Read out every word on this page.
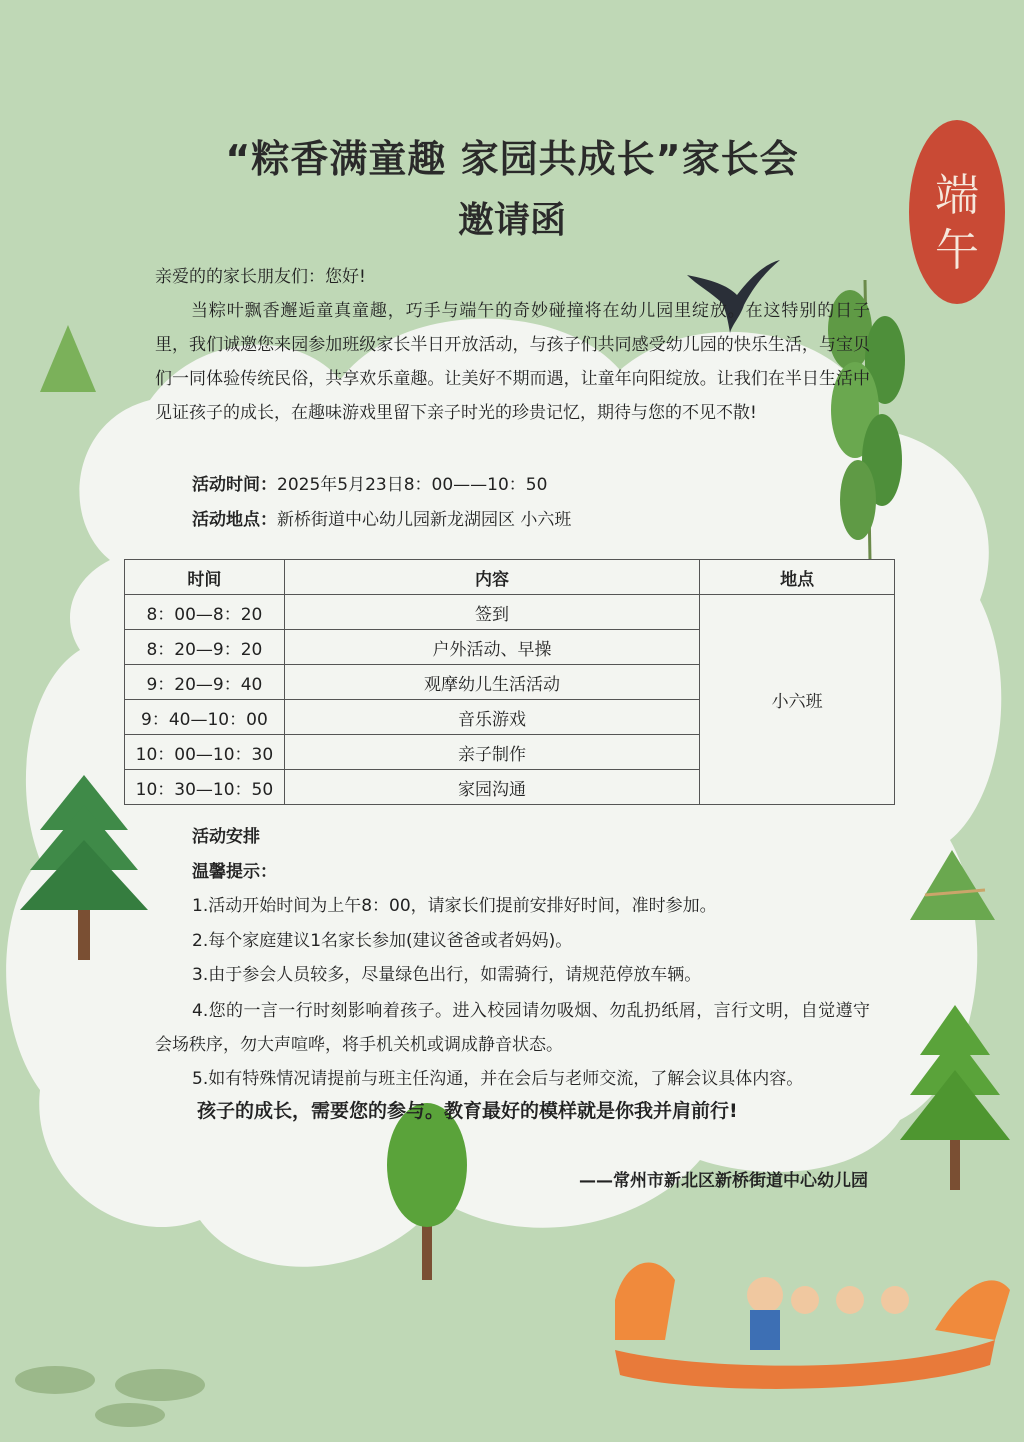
端
午
“粽香满童趣 家园共成长”家长会
邀请函
亲爱的的家长朋友们：您好!
当粽叶飘香邂逅童真童趣，巧手与端午的奇妙碰撞将在幼儿园里绽放。在这特别的日子里，我们诚邀您来园参加班级家长半日开放活动，与孩子们共同感受幼儿园的快乐生活，与宝贝们一同体验传统民俗，共享欢乐童趣。让美好不期而遇，让童年向阳绽放。让我们在半日生活中见证孩子的成长，在趣味游戏里留下亲子时光的珍贵记忆，期待与您的不见不散!
活动时间：2025年5月23日8：00——10：50
活动地点：新桥街道中心幼儿园新龙湖园区 小六班
时间	内容	地点
8：00—8：20	签到	小六班
8：20—9：20	户外活动、早操	
9：20—9：40	观摩幼儿生活活动	
9：40—10：00	音乐游戏	
10：00—10：30	亲子制作	
10：30—10：50	家园沟通	
活动安排
温馨提示：
1.活动开始时间为上午8：00，请家长们提前安排好时间，准时参加。
2.每个家庭建议1名家长参加(建议爸爸或者妈妈)。
3.由于参会人员较多，尽量绿色出行，如需骑行，请规范停放车辆。
4.您的一言一行时刻影响着孩子。进入校园请勿吸烟、勿乱扔纸屑，言行文明，自觉遵守会场秩序，勿大声喧哗，将手机关机或调成静音状态。
5.如有特殊情况请提前与班主任沟通，并在会后与老师交流，了解会议具体内容。
孩子的成长，需要您的参与。教育最好的模样就是你我并肩前行!
——常州市新北区新桥街道中心幼儿园
